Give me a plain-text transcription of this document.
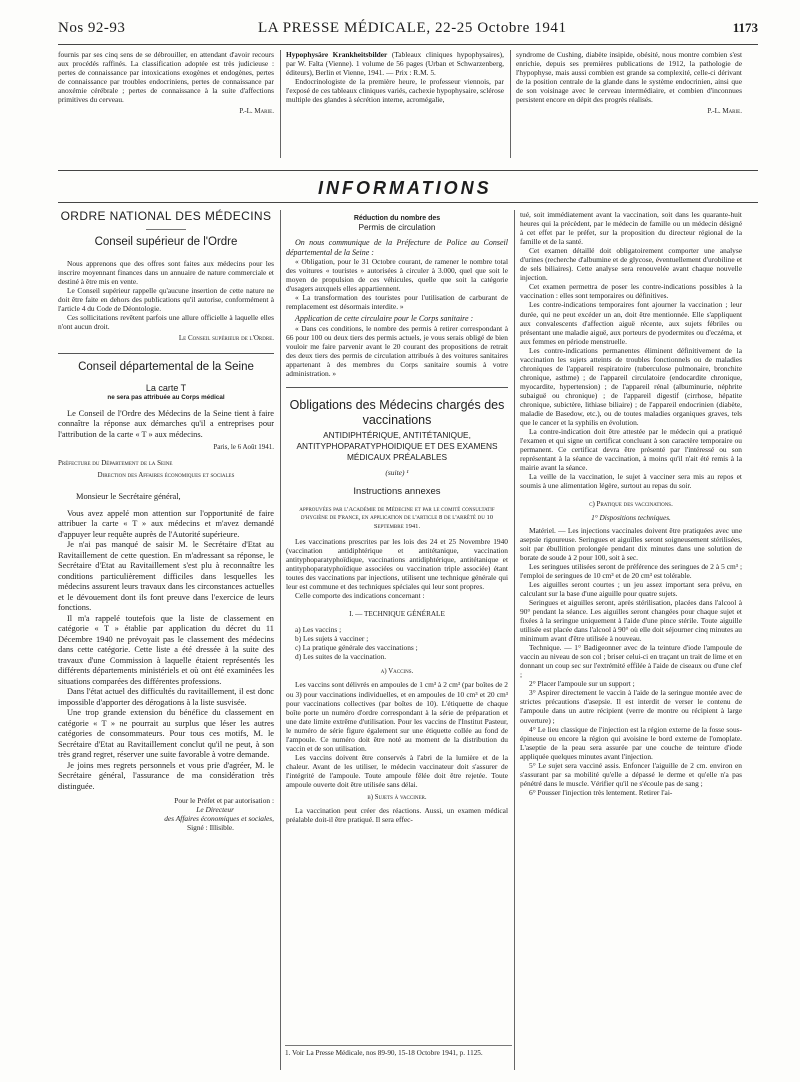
Nos 92-93	LA PRESSE MÉDICALE, 22-25 Octobre 1941	1173

fournis par ses cinq sens de se débrouiller, en attendant d'avoir recours aux procédés raffinés. La classification adoptée est très judicieuse : pertes de connaissance par intoxications exogènes et endogènes, pertes de connaissance par troubles endocriniens, pertes de connaissance par anoxémie cérébrale ; pertes de connaissance à la suite d'affections primitives du cerveau.

P.-L. Marie.

Hypophysäre Krankheitsbilder (Tableaux cliniques hypophysaires), par W. Falta (Vienne). 1 volume de 56 pages (Urban et Schwarzenberg, éditeurs), Berlin et Vienne, 1941. — Prix : R.M. 5.

Endocrinologiste de la première heure, le professeur viennois, par l'exposé de ces tableaux cliniques variés, cachexie hypophysaire, sclérose multiple des glandes à sécrétion interne, acromégalie,

syndrome de Cushing, diabète insipide, obésité, nous montre combien s'est enrichie, depuis ses premières publications de 1912, la pathologie de l'hypophyse, mais aussi combien est grande sa complexité, celle-ci dérivant de la position centrale de la glande dans le système endocrinien, ainsi que de son voisinage avec le cerveau intermédiaire, et combien d'inconnues persistent encore en dépit des progrès réalisés.

P.-L. Marie.
INFORMATIONS
ORDRE NATIONAL DES MÉDECINS
Conseil supérieur de l'Ordre

Nous apprenons que des offres sont faites aux médecins pour les inscrire moyennant finances dans un annuaire de nature commerciale et destiné à être mis en vente.

Le Conseil supérieur rappelle qu'aucune insertion de cette nature ne doit être faite en dehors des publications qu'il autorise, conformément à l'article 4 du Code de Déontologie.

Ces sollicitations revêtent parfois une allure officielle à laquelle elles n'ont aucun droit.

Le Conseil supérieur de l'Ordre.
Conseil départemental de la Seine
La carte T
ne sera pas attribuée au Corps médical

Le Conseil de l'Ordre des Médecins de la Seine tient à faire connaître la réponse aux démarches qu'il a entreprises pour l'attribution de la carte « T » aux médecins.

Paris, le 6 Août 1941.
Préfecture du Département de la Seine
Direction des Affaires économiques et sociales

Monsieur le Secrétaire général,

Vous avez appelé mon attention sur l'opportunité de faire attribuer la carte « T » aux médecins et m'avez demandé d'appuyer leur requête auprès de l'Autorité supérieure.

Je n'ai pas manqué de saisir M. le Secrétaire d'Etat au Ravitaillement de cette question. En m'adressant sa réponse, le Secrétaire d'Etat au Ravitaillement s'est plu à reconnaître les conditions particulièrement difficiles dans lesquelles les médecins assurent leurs travaux dans les circonstances actuelles et le dévouement dont ils font preuve dans l'exercice de leurs fonctions.

Il m'a rappelé toutefois que la liste de classement en catégorie « T » établie par application du décret du 11 Décembre 1940 ne prévoyait pas le classement des médecins dans cette catégorie. Cette liste a été dressée à la suite des travaux d'une Commission à laquelle étaient représentés les différents départements ministériels et où ont été examinées les situations comparées des différentes professions.

Dans l'état actuel des difficultés du ravitaillement, il est donc impossible d'apporter des dérogations à la liste susvisée.

Une trop grande extension du bénéfice du classement en catégorie « T » ne pourrait au surplus que léser les autres catégories de consommateurs. Pour tous ces motifs, M. le Secrétaire d'Etat au Ravitaillement conclut qu'il ne peut, à son très grand regret, réserver une suite favorable à votre demande.

Je joins mes regrets personnels et vous prie d'agréer, M. le Secrétaire général, l'assurance de ma considération très distinguée.

Pour le Préfet et par autorisation :
Le Directeur
des Affaires économiques et sociales,
Signé : Illisible.
Réduction du nombre des
Permis de circulation

On nous communique de la Préfecture de Police au Conseil départemental de la Seine :

« Obligation, pour le 31 Octobre courant, de ramener le nombre total des voitures « touristes » autorisées à circuler à 3.000, quel que soit le moyen de propulsion de ces véhicules, quelle que soit la catégorie d'usagers auxquels elles appartiennent.

« La transformation des touristes pour l'utilisation de carburant de remplacement est désormais interdite. »

Application de cette circulaire pour le Corps sanitaire :

« Dans ces conditions, le nombre des permis à retirer correspondant à 66 pour 100 ou deux tiers des permis actuels, je vous serais obligé de bien vouloir me faire parvenir avant le 20 courant des propositions de retrait des deux tiers des permis de circulation attribués à des voitures sanitaires appartenant à des membres du Corps sanitaire soumis à votre administration. »

Obligations des Médecins chargés des vaccinations
ANTIDIPHTÉRIQUE, ANTITÉTANIQUE, ANTITYPHOPARATYPHOIDIQUE ET DES EXAMENS MÉDICAUX PRÉALABLES
(suite) ¹
Instructions annexes
approuvées par l'Académie de Médecine et par le comité consultatif d'hygiène de France, en application de l'article 8 de l'arrêté du 10 Septembre 1941.

Les vaccinations prescrites par les lois des 24 et 25 Novembre 1940 (vaccination antidiphtérique et antitétanique, vaccination antityphoparatyphoïdique, vaccinations antidiphtérique, antitétanique et antityphoparatyphoïdique associées ou vaccination triple associée) étant toutes des vaccinations par injections, utilisent une technique générale qui leur est commune et des techniques spéciales qui leur sont propres.

Celle comporte des indications concernant :

I. — TECHNIQUE GÉNÉRALE
a) Les vaccins ;
b) Les sujets à vacciner ;
c) La pratique générale des vaccinations ;
d) Les suites de la vaccination.
a) Vaccins.

Les vaccins sont délivrés en ampoules de 1 cm³ à 2 cm³ (par boîtes de 2 ou 3) pour vaccinations individuelles, et en ampoules de 10 cm³ et 20 cm³ pour vaccinations collectives (par boîtes de 10). L'étiquette de chaque boîte porte un numéro d'ordre correspondant à la série de préparation et une date limite extrême d'utilisation. Pour les vaccins de l'Institut Pasteur, le numéro de série figure également sur une étiquette collée au fond de l'ampoule. Ce numéro doit être noté au moment de la distribution du vaccin et de son utilisation.

Les vaccins doivent être conservés à l'abri de la lumière et de la chaleur. Avant de les utiliser, le médecin vaccinateur doit s'assurer de l'intégrité de l'ampoule. Toute ampoule fêlée doit être rejetée. Toute ampoule ouverte doit être utilisée sans délai.

b) Sujets à vacciner.

La vaccination peut créer des réactions. Aussi, un examen médical préalable doit-il être pratiqué. Il sera effec-

1. Voir La Presse Médicale, nos 89-90, 15-18 Octobre 1941, p. 1125.

tué, soit immédiatement avant la vaccination, soit dans les quarante-huit heures qui la précèdent, par le médecin de famille ou un médecin désigné à cet effet par le préfet, sur la proposition du directeur régional de la famille et de la santé.

Cet examen détaillé doit obligatoirement comporter une analyse d'urines (recherche d'albumine et de glycose, éventuellement d'urobiline et de sels biliaires). Cette analyse sera renouvelée avant chaque nouvelle injection.

Cet examen permettra de poser les contre-indications possibles à la vaccination : elles sont temporaires ou définitives.

Les contre-indications temporaires font ajourner la vaccination ; leur durée, qui ne peut excéder un an, doit être mentionnée. Elle s'appliquent aux convalescents d'affection aiguë récente, aux sujets fébriles ou présentant une maladie aiguë, aux porteurs de pyodermites ou d'eczéma, et aux femmes en période menstruelle.

Les contre-indications permanentes éliminent définitivement de la vaccination les sujets atteints de troubles fonctionnels ou de maladies chroniques de l'appareil respiratoire (tuberculose pulmonaire, bronchite chronique, asthme) ; de l'appareil circulatoire (endocardite chronique, myocardite, hypertension) ; de l'appareil rénal (albuminurie, néphrite subaiguë ou chronique) ; de l'appareil digestif (cirrhose, hépatite chronique, subictère, lithiase biliaire) ; de l'appareil endocrinien (diabète, maladie de Basedow, etc.), ou de toutes maladies organiques graves, tels que le cancer et la syphilis en évolution.

La contre-indication doit être attestée par le médecin qui a pratiqué l'examen et qui signe un certificat concluant à son caractère temporaire ou permanent. Ce certificat devra être présenté par l'intéressé ou son représentant à la séance de vaccination, à moins qu'il n'ait été remis à la mairie avant la séance.

La veille de la vaccination, le sujet à vacciner sera mis au repos et soumis à une alimentation légère, surtout au repas du soir.

c) Pratique des vaccinations.
1° Dispositions techniques.

Matériel. — Les injections vaccinales doivent être pratiquées avec une asepsie rigoureuse. Seringues et aiguilles seront soigneusement stérilisées, soit par ébullition prolongée pendant dix minutes dans une solution de borate de soude à 2 pour 100, soit à sec.

Les seringues utilisées seront de préférence des seringues de 2 à 5 cm³ ; l'emploi de seringues de 10 cm³ et de 20 cm³ est tolérable.

Les aiguilles seront courtes ; un jeu assez important sera prévu, en calculant sur la base d'une aiguille pour quatre sujets.

Seringues et aiguilles seront, après stérilisation, placées dans l'alcool à 90° pendant la séance. Les aiguilles seront changées pour chaque sujet et fixées à la seringue uniquement à l'aide d'une pince stérile. Toute aiguille utilisée est placée dans l'alcool à 90° où elle doit séjourner cinq minutes au minimum avant d'être utilisée à nouveau.

Technique. — 1° Badigeonner avec de la teinture d'iode l'ampoule de vaccin au niveau de son col ; briser celui-ci en traçant un trait de lime et en donnant un coup sec sur l'extrémité effilée à l'aide de ciseaux ou d'une clef ;

2° Placer l'ampoule sur un support ;

3° Aspirer directement le vaccin à l'aide de la seringue montée avec de strictes précautions d'asepsie. Il est interdit de verser le contenu de l'ampoule dans un autre récipient (verre de montre ou récipient à large ouverture) ;

4° Le lieu classique de l'injection est la région externe de la fosse sous-épineuse ou encore la région qui avoisine le bord externe de l'omoplate. L'aseptie de la peau sera assurée par une couche de teinture d'iode appliquée quelques minutes avant l'injection.

5° Le sujet sera vacciné assis. Enfoncer l'aiguille de 2 cm. environ en s'assurant par sa mobilité qu'elle a dépassé le derme et qu'elle n'a pas pénétré dans le muscle. Vérifier qu'il ne s'écoule pas de sang ;

6° Pousser l'injection très lentement. Retirer l'ai-
